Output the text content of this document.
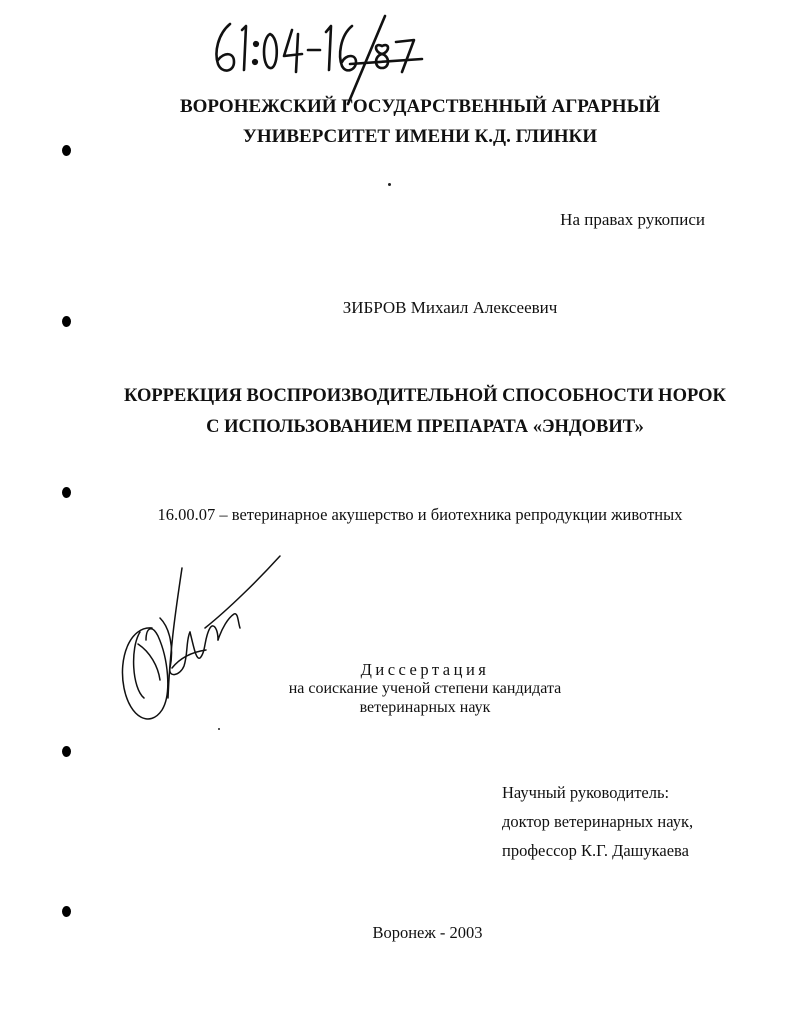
ВОРОНЕЖСКИЙ ГОСУДАРСТВЕННЫЙ АГРАРНЫЙ
УНИВЕРСИТЕТ ИМЕНИ К.Д. ГЛИНКИ
На правах рукописи
ЗИБРОВ Михаил Алексеевич
КОРРЕКЦИЯ ВОСПРОИЗВОДИТЕЛЬНОЙ СПОСОБНОСТИ НОРОК
С ИСПОЛЬЗОВАНИЕМ ПРЕПАРАТА «ЭНДОВИТ»
16.00.07 – ветеринарное акушерство и биотехника репродукции животных
Диссертация
на соискание ученой степени кандидата
ветеринарных наук
Научный руководитель:
доктор ветеринарных наук,
профессор К.Г. Дашукаева
Воронеж - 2003
